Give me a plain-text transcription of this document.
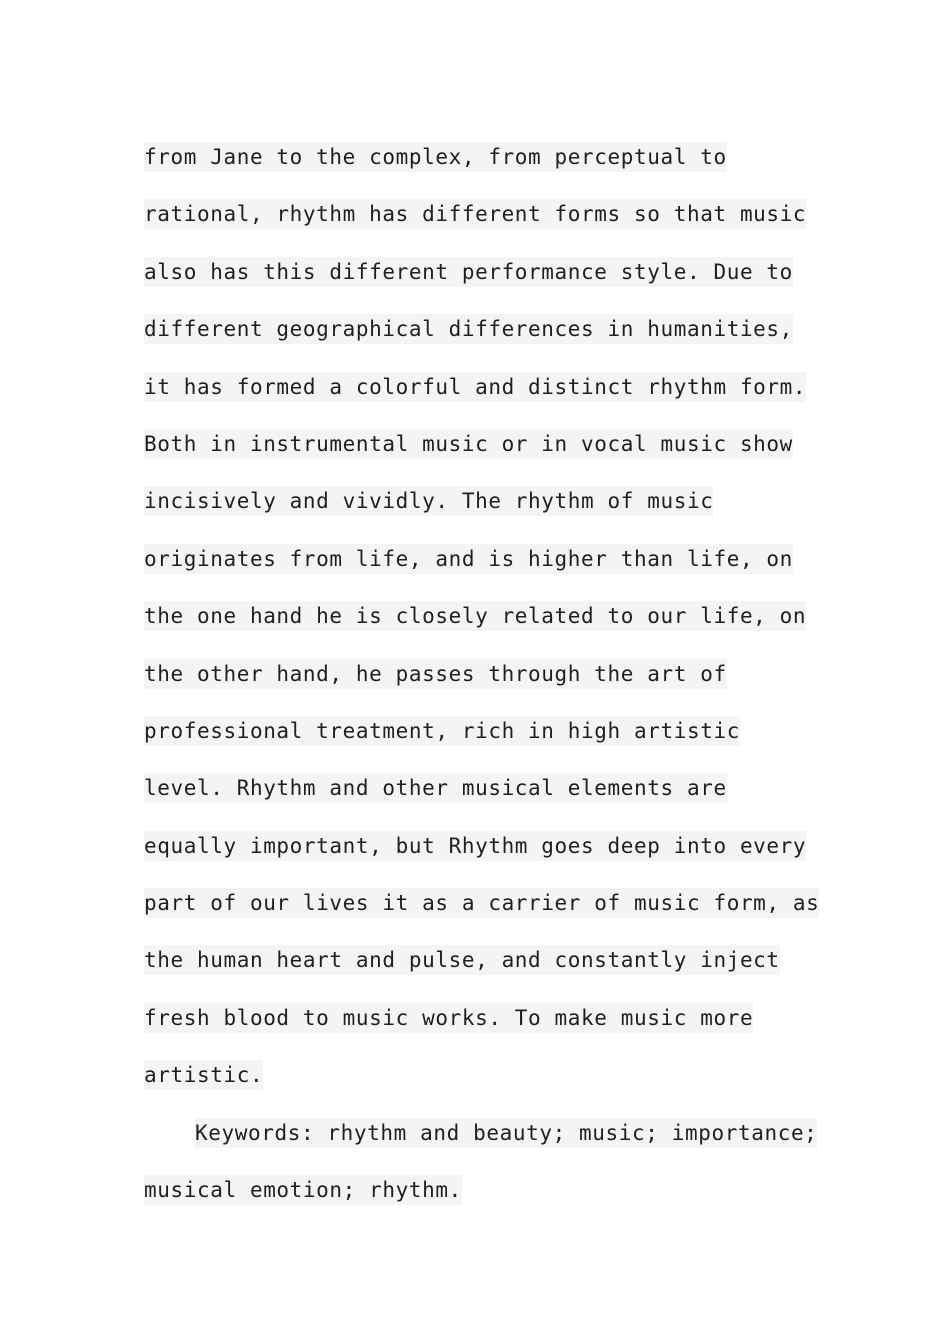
from Jane to the complex, from perceptual to
rational, rhythm has different forms so that music
also has this different performance style. Due to
different geographical differences in humanities,
it has formed a colorful and distinct rhythm form.
Both in instrumental music or in vocal music show
incisively and vividly. The rhythm of music
originates from life, and is higher than life, on
the one hand he is closely related to our life, on
the other hand, he passes through the art of
professional treatment, rich in high artistic
level. Rhythm and other musical elements are
equally important, but Rhythm goes deep into every
part of our lives it as a carrier of music form, as
the human heart and pulse, and constantly inject
fresh blood to music works. To make music more
artistic.
Keywords: rhythm and beauty; music; importance;
musical emotion; rhythm.
